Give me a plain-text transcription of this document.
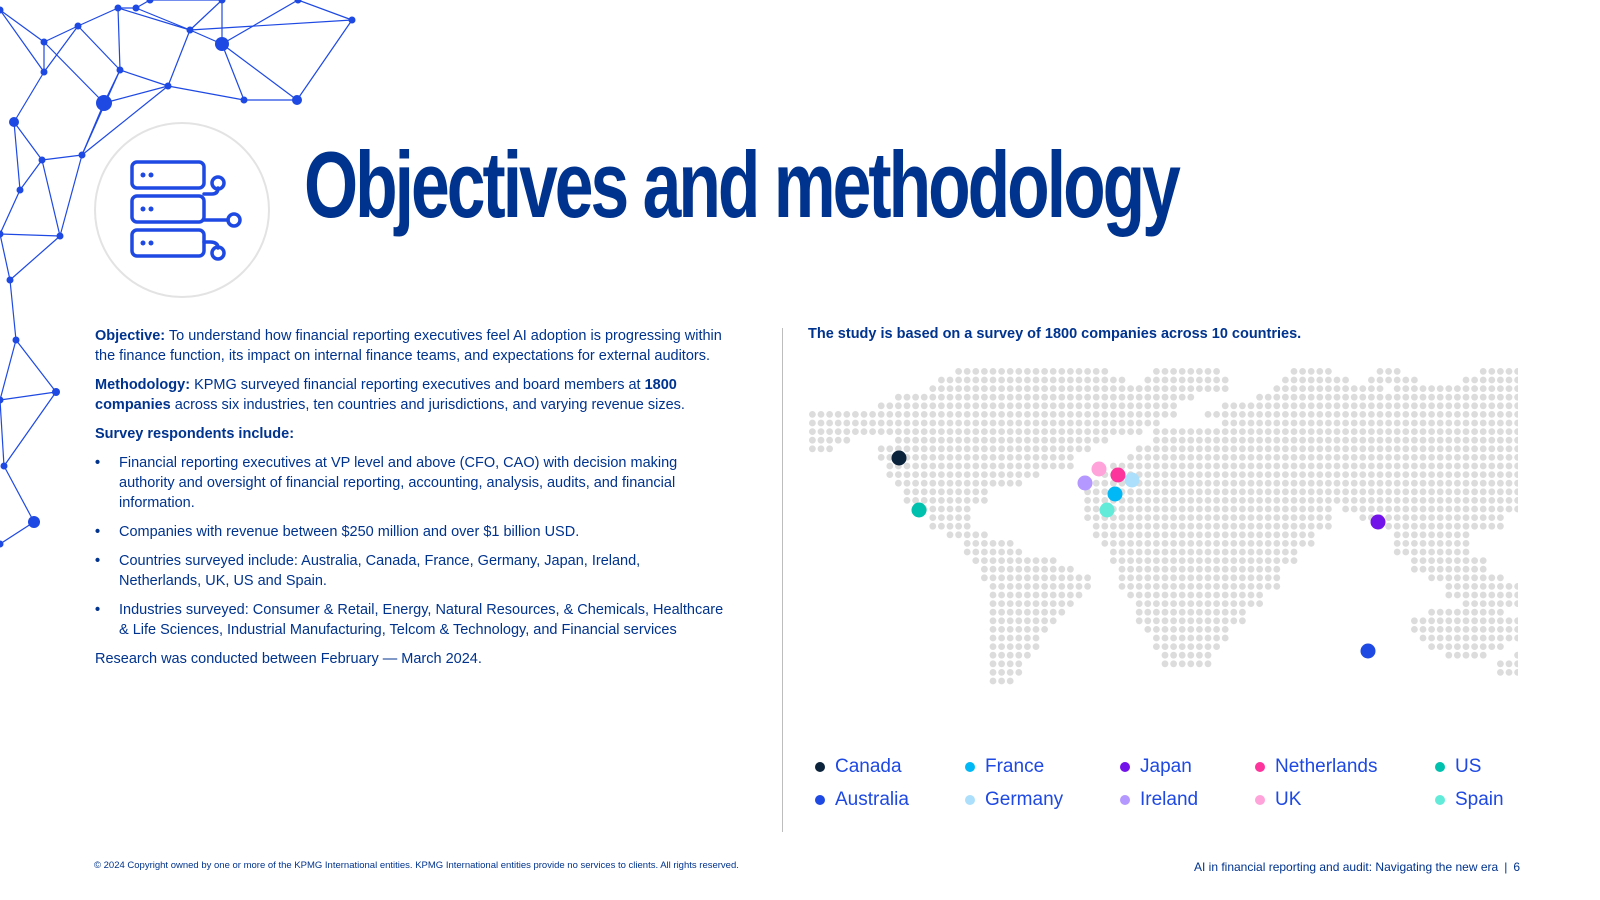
Objectives and methodology

Objective: To understand how financial reporting executives feel AI adoption is progressing within the finance function, its impact on internal finance teams, and expectations for external auditors.

Methodology: KPMG surveyed financial reporting executives and board members at 1800 companies across six industries, ten countries and jurisdictions, and varying revenue sizes.

Survey respondents include:

• Financial reporting executives at VP level and above (CFO, CAO) with decision making authority and oversight of financial reporting, accounting, analysis, audits, and financial information.
• Companies with revenue between $250 million and over $1 billion USD.
• Countries surveyed include: Australia, Canada, France, Germany, Japan, Ireland, Netherlands, UK, US and Spain.
• Industries surveyed: Consumer & Retail, Energy, Natural Resources, & Chemicals, Healthcare & Life Sciences, Industrial Manufacturing, Telcom & Technology, and Financial services

Research was conducted between February — March 2024.

The study is based on a survey of 1800 companies across 10 countries.
Canada	France	Japan	Netherlands	US
Australia	Germany	Ireland	UK	Spain
© 2024 Copyright owned by one or more of the KPMG International entities. KPMG International entities provide no services to clients. All rights reserved.	AI in financial reporting and audit: Navigating the new era | 6
